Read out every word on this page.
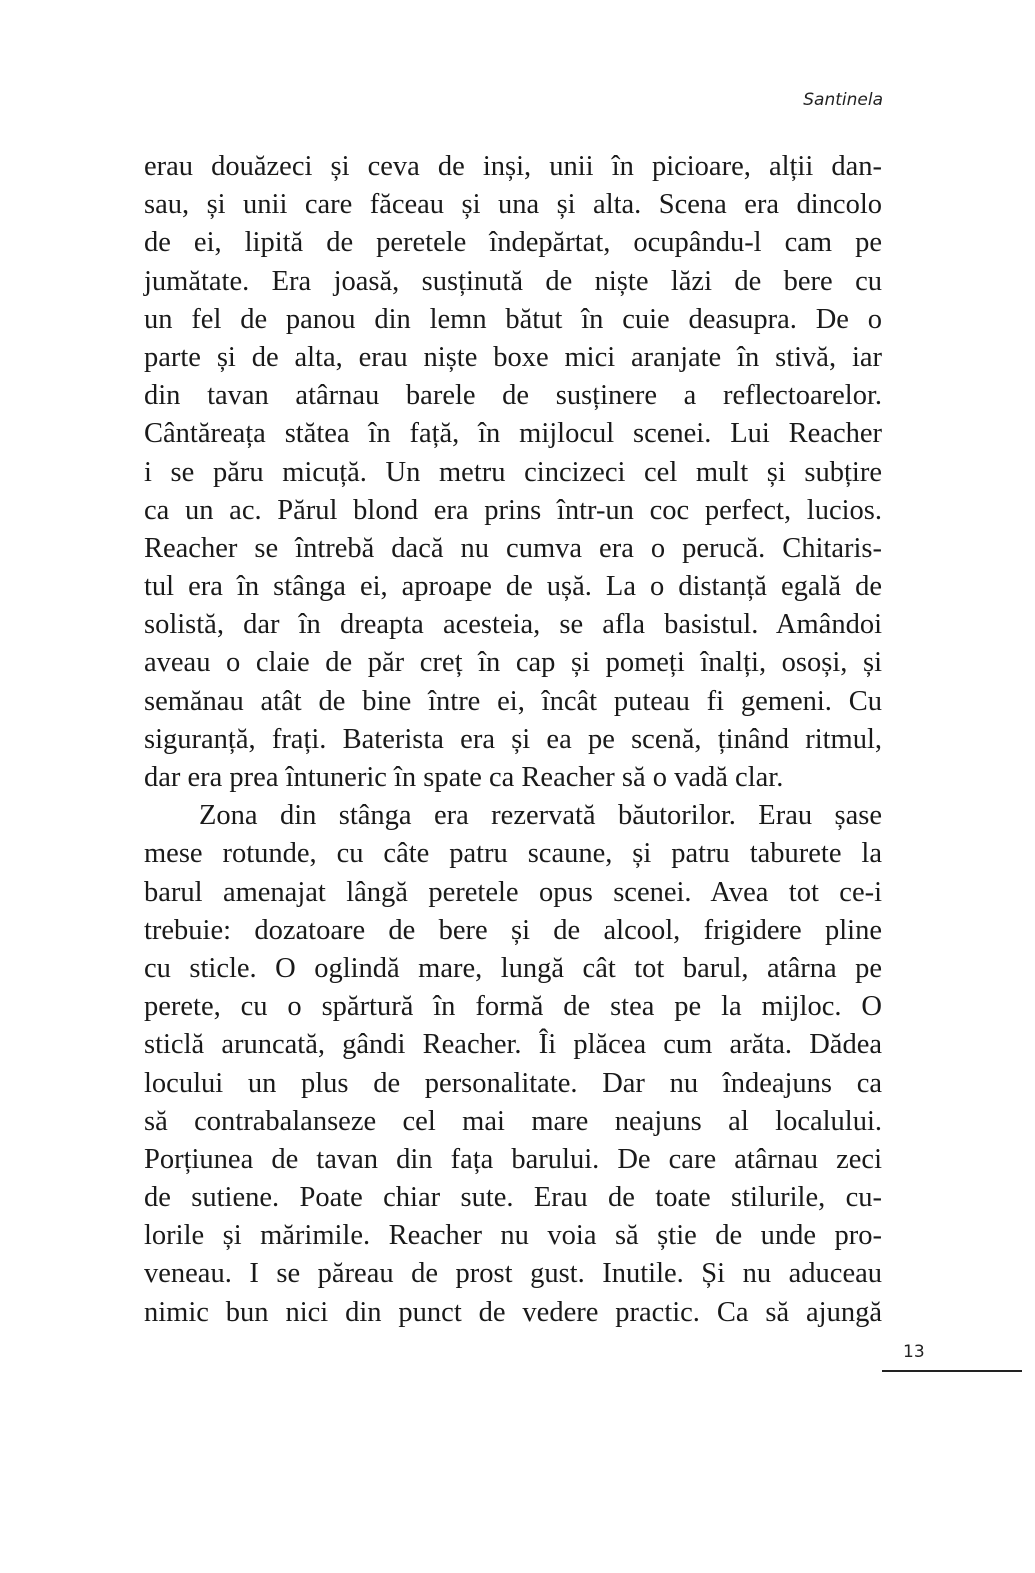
Santinela
erau douăzeci și ceva de inși, unii în picioare, alții dan-
sau, și unii care făceau și una și alta. Scena era dincolo
de ei, lipită de peretele îndepărtat, ocupându-l cam pe
jumătate. Era joasă, susținută de niște lăzi de bere cu
un fel de panou din lemn bătut în cuie deasupra. De o
parte și de alta, erau niște boxe mici aranjate în stivă, iar
din tavan atârnau barele de susținere a reflectoarelor.
Cântăreața stătea în față, în mijlocul scenei. Lui Reacher
i se păru micuță. Un metru cincizeci cel mult și subțire
ca un ac. Părul blond era prins într-un coc perfect, lucios.
Reacher se întrebă dacă nu cumva era o perucă. Chitaris-
tul era în stânga ei, aproape de ușă. La o distanță egală de
solistă, dar în dreapta acesteia, se afla basistul. Amândoi
aveau o claie de păr creț în cap și pomeți înalți, osoși, și
semănau atât de bine între ei, încât puteau fi gemeni. Cu
siguranță, frați. Baterista era și ea pe scenă, ținând ritmul,
dar era prea întuneric în spate ca Reacher să o vadă clar.
Zona din stânga era rezervată băutorilor. Erau șase
mese rotunde, cu câte patru scaune, și patru taburete la
barul amenajat lângă peretele opus scenei. Avea tot ce-i
trebuie: dozatoare de bere și de alcool, frigidere pline
cu sticle. O oglindă mare, lungă cât tot barul, atârna pe
perete, cu o spărtură în formă de stea pe la mijloc. O
sticlă aruncată, gândi Reacher. Îi plăcea cum arăta. Dădea
locului un plus de personalitate. Dar nu îndeajuns ca
să contrabalanseze cel mai mare neajuns al localului.
Porțiunea de tavan din fața barului. De care atârnau zeci
de sutiene. Poate chiar sute. Erau de toate stilurile, cu-
lorile și mărimile. Reacher nu voia să știe de unde pro-
veneau. I se păreau de prost gust. Inutile. Și nu aduceau
nimic bun nici din punct de vedere practic. Ca să ajungă
13
